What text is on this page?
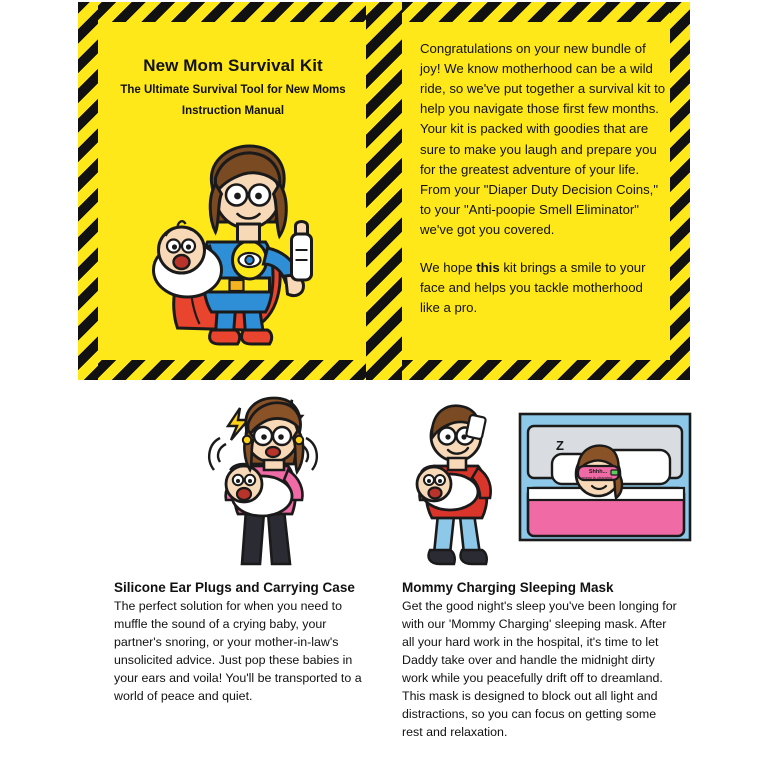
New Mom Survival Kit
The Ultimate Survival Tool for New Moms
Instruction Manual

Congratulations on your new bundle of joy! We know motherhood can be a wild ride, so we've put together a survival kit to help you navigate those first few months. Your kit is packed with goodies that are sure to make you laugh and prepare you for the greatest adventure of your life. From your "Diaper Duty Decision Coins," to your "Anti-poopie Smell Eliminator" we've got you covered.

We hope this kit brings a smile to your face and helps you tackle motherhood like a pro.

Silicone Ear Plugs and Carrying Case
The perfect solution for when you need to muffle the sound of a crying baby, your partner's snoring, or your mother-in-law's unsolicited advice. Just pop these babies in your ears and voila! You'll be transported to a world of peace and quiet.
Shhh...
mommy is charging
Z
Mommy Charging Sleeping Mask
Get the good night's sleep you've been longing for with our 'Mommy Charging' sleeping mask. After all your hard work in the hospital, it's time to let Daddy take over and handle the midnight dirty work while you peacefully drift off to dreamland. This mask is designed to block out all light and distractions, so you can focus on getting some rest and relaxation.
